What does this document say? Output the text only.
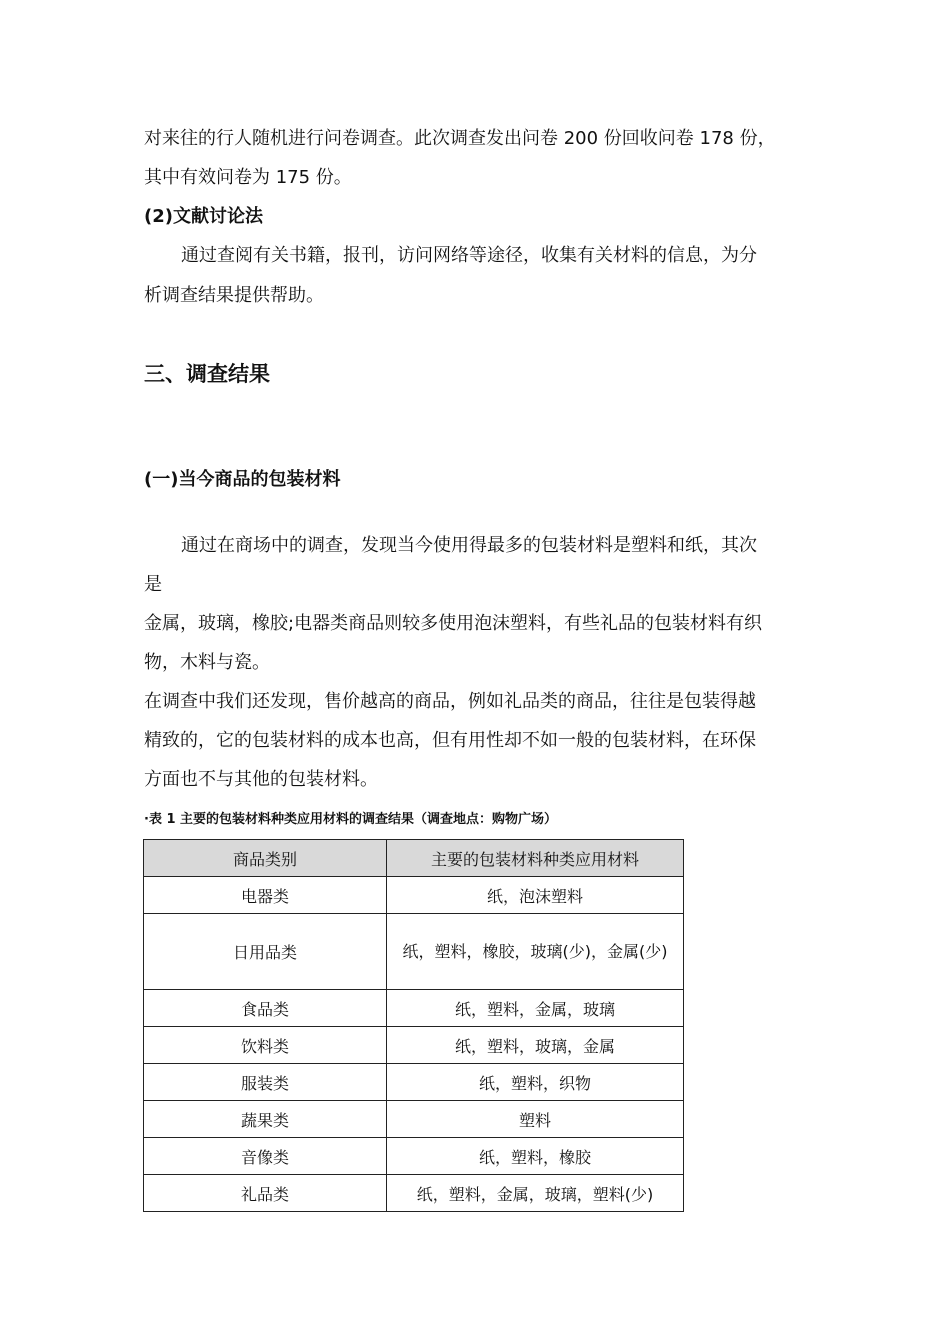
对来往的行人随机进行问卷调查。此次调查发出问卷 200 份回收问卷 178 份，
其中有效问卷为 175 份。
(2)文献讨论法
通过查阅有关书籍，报刊，访问网络等途径，收集有关材料的信息，为分
析调查结果提供帮助。
三、调查结果
(一)当今商品的包装材料
通过在商场中的调查，发现当今使用得最多的包装材料是塑料和纸，其次
是
金属，玻璃，橡胶;电器类商品则较多使用泡沫塑料，有些礼品的包装材料有织
物，木料与瓷。
在调查中我们还发现，售价越高的商品，例如礼品类的商品，往往是包装得越
精致的，它的包装材料的成本也高，但有用性却不如一般的包装材料，在环保
方面也不与其他的包装材料。
·表 1 主要的包装材料种类应用材料的调查结果（调查地点：购物广场）
商品类别	主要的包装材料种类应用材料
电器类	纸，泡沫塑料
日用品类	纸，塑料，橡胶，玻璃(少)，金属(少)
食品类	纸，塑料，金属，玻璃
饮料类	纸，塑料，玻璃，金属
服装类	纸，塑料，织物
蔬果类	塑料
音像类	纸，塑料，橡胶
礼品类	纸，塑料，金属，玻璃，塑料(少)
